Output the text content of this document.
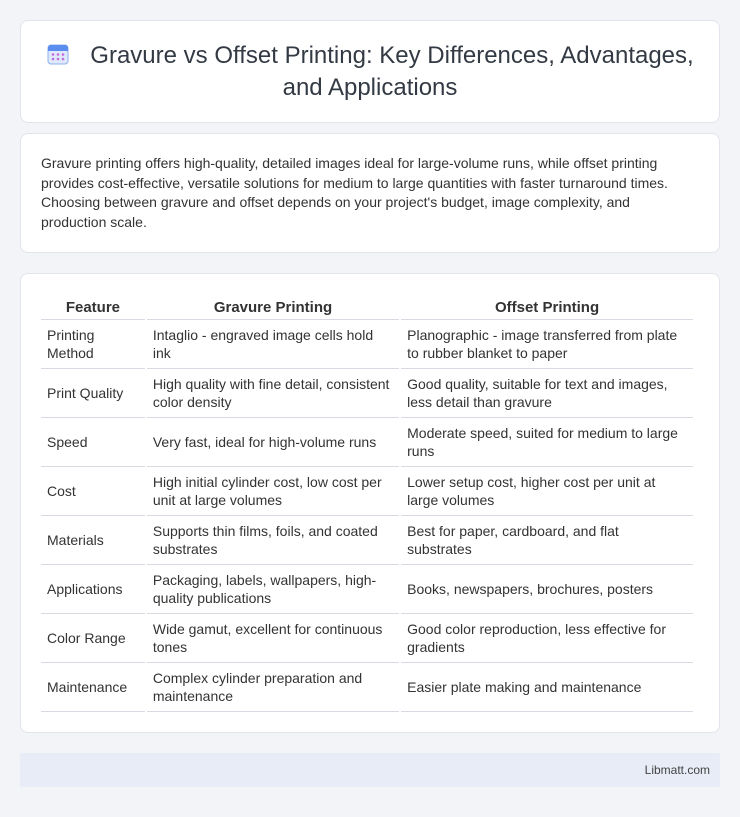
Gravure vs Offset Printing: Key Differences, Advantages, and Applications

Gravure printing offers high-quality, detailed images ideal for large-volume runs, while offset printing provides cost-effective, versatile solutions for medium to large quantities with faster turnaround times. Choosing between gravure and offset depends on your project's budget, image complexity, and production scale.

Feature	Gravure Printing	Offset Printing
Printing Method	Intaglio - engraved image cells hold ink	Planographic - image transferred from plate to rubber blanket to paper
Print Quality	High quality with fine detail, consistent color density	Good quality, suitable for text and images, less detail than gravure
Speed	Very fast, ideal for high-volume runs	Moderate speed, suited for medium to large runs
Cost	High initial cylinder cost, low cost per unit at large volumes	Lower setup cost, higher cost per unit at large volumes
Materials	Supports thin films, foils, and coated substrates	Best for paper, cardboard, and flat substrates
Applications	Packaging, labels, wallpapers, high-quality publications	Books, newspapers, brochures, posters
Color Range	Wide gamut, excellent for continuous tones	Good color reproduction, less effective for gradients
Maintenance	Complex cylinder preparation and maintenance	Easier plate making and maintenance
Libmatt.com
